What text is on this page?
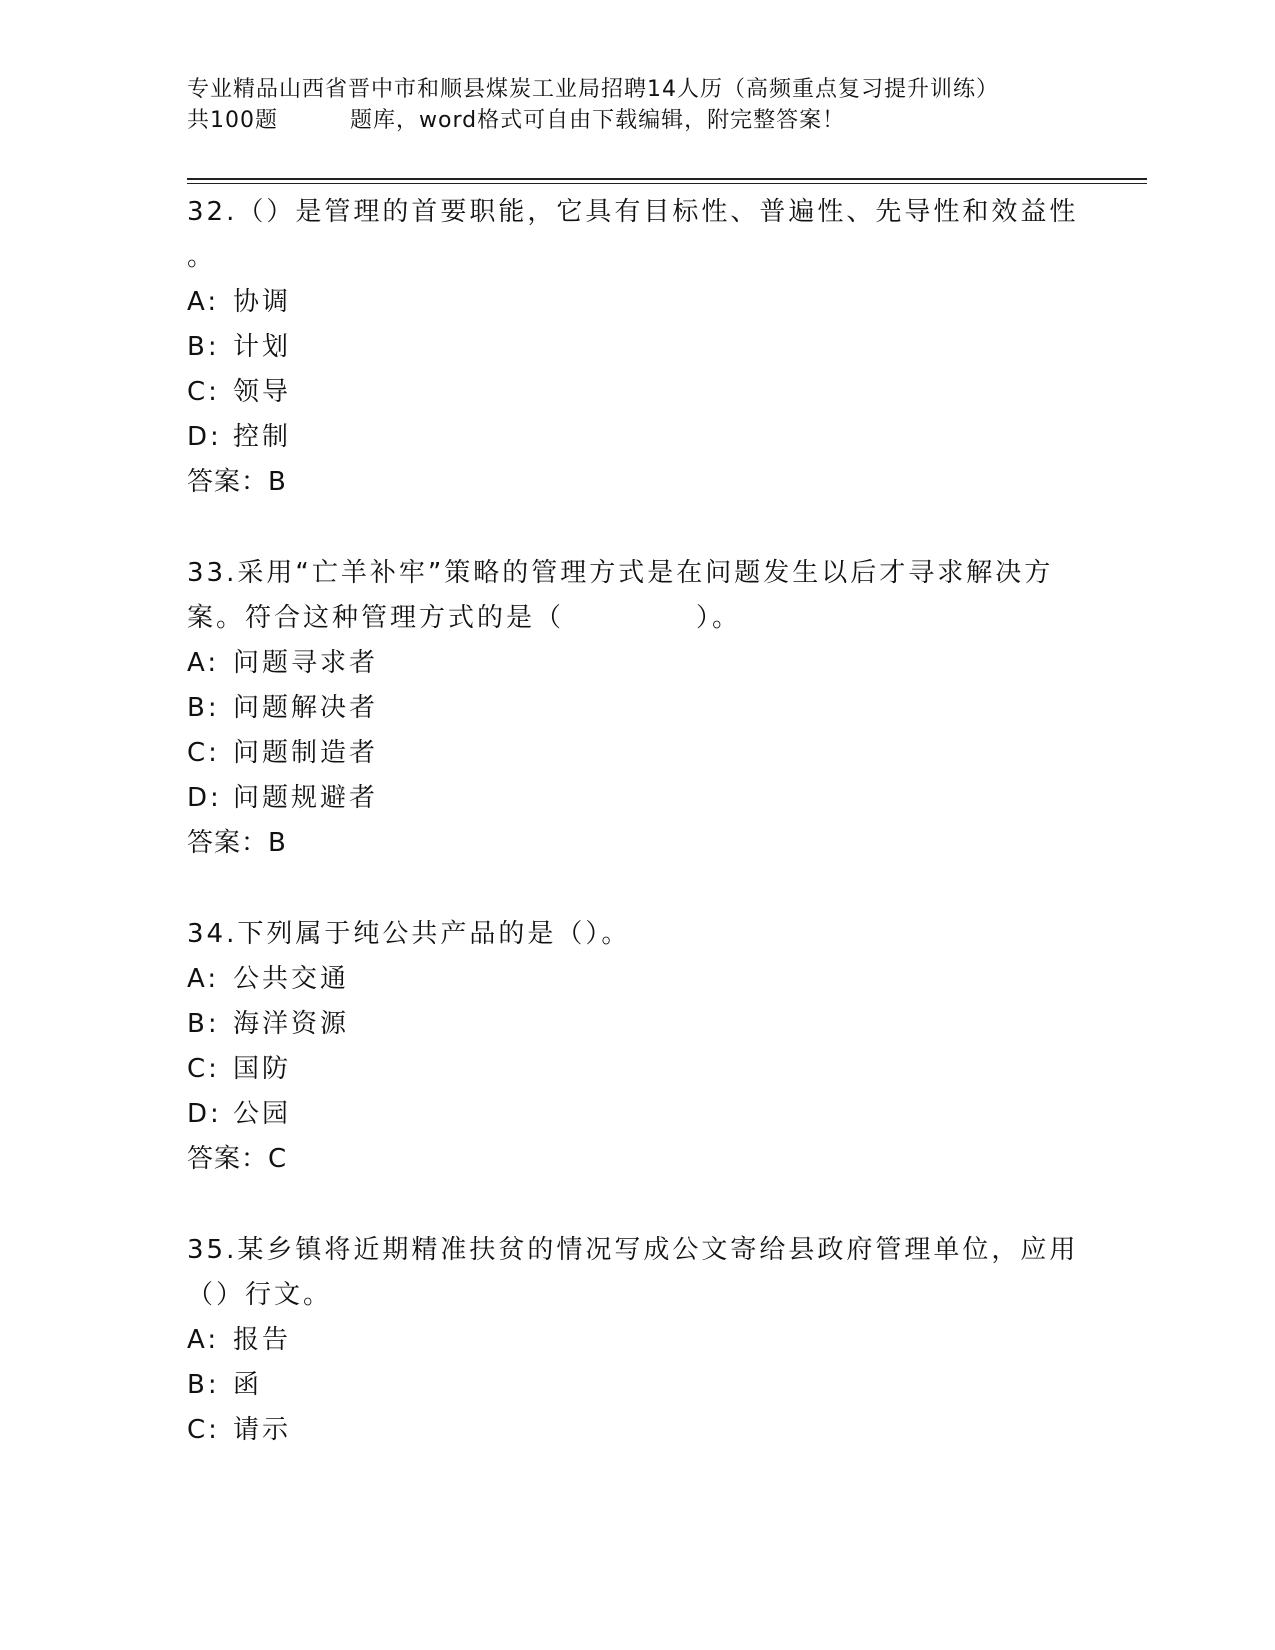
专业精品山西省晋中市和顺县煤炭工业局招聘14人历（高频重点复习提升训练）
共100题	题库，word格式可自由下载编辑，附完整答案！
32.（）是管理的首要职能，它具有目标性、普遍性、先导性和效益性
。
A: 协调
B: 计划
C: 领导
D: 控制
答案：B
33.采用“亡羊补牢”策略的管理方式是在问题发生以后才寻求解决方
案。符合这种管理方式的是（	）。
A: 问题寻求者
B: 问题解决者
C: 问题制造者
D: 问题规避者
答案：B
34.下列属于纯公共产品的是（）。
A: 公共交通
B: 海洋资源
C: 国防
D: 公园
答案：C
35.某乡镇将近期精准扶贫的情况写成公文寄给县政府管理单位，应用
（）行文。
A: 报告
B: 函
C: 请示
